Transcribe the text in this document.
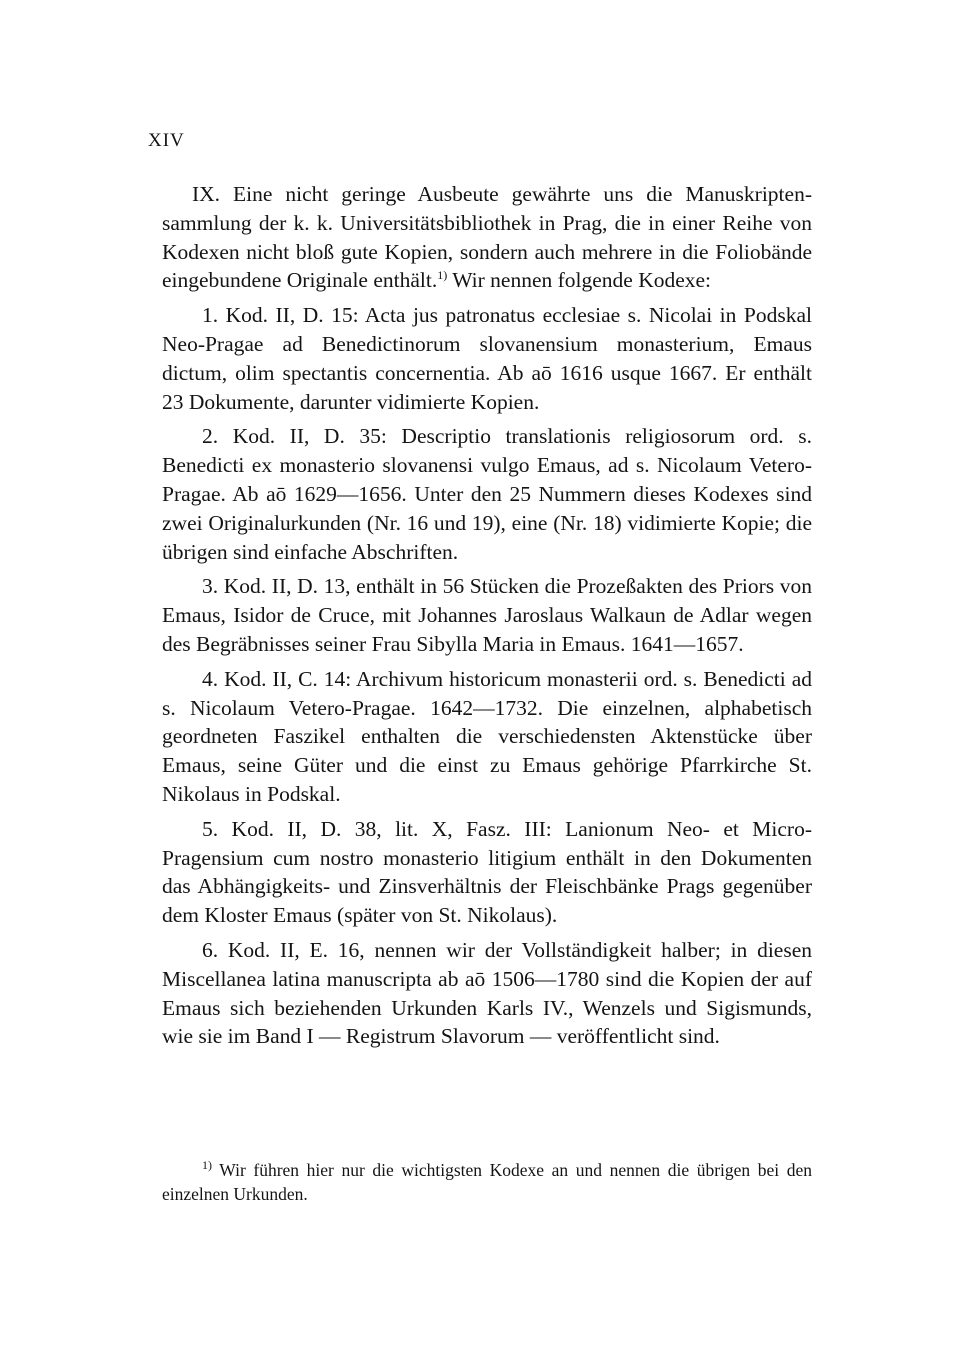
XIV

IX. Eine nicht geringe Ausbeute gewährte uns die Manuskripten-sammlung der k. k. Universitätsbibliothek in Prag, die in einer Reihe von Kodexen nicht bloß gute Kopien, sondern auch mehrere in die Foliobände eingebundene Originale enthält.$^{1)}$ Wir nennen folgende Kodexe:

1. Kod. II, D. 15: Acta jus patronatus ecclesiae s. Nicolai in Podskal Neo-Pragae ad Benedictinorum slovanensium monasterium, Emaus dictum, olim spectantis concernentia. Ab aō 1616 usque 1667. Er enthält 23 Dokumente, darunter vidimierte Kopien.

2. Kod. II, D. 35: Descriptio translationis religiosorum ord. s. Benedicti ex monasterio slovanensi vulgo Emaus, ad s. Nicolaum Vetero-Pragae. Ab aō 1629—1656. Unter den 25 Nummern dieses Kodexes sind zwei Originalurkunden (Nr. 16 und 19), eine (Nr. 18) vidimierte Kopie; die übrigen sind einfache Abschriften.

3. Kod. II, D. 13, enthält in 56 Stücken die Prozeßakten des Priors von Emaus, Isidor de Cruce, mit Johannes Jaroslaus Walkaun de Adlar wegen des Begräbnisses seiner Frau Sibylla Maria in Emaus. 1641—1657.

4. Kod. II, C. 14: Archivum historicum monasterii ord. s. Benedicti ad s. Nicolaum Vetero-Pragae. 1642—1732. Die einzelnen, alphabetisch geordneten Faszikel enthalten die verschiedensten Aktenstücke über Emaus, seine Güter und die einst zu Emaus gehörige Pfarrkirche St. Nikolaus in Podskal.

5. Kod. II, D. 38, lit. X, Fasz. III: Lanionum Neo- et Micro-Pragensium cum nostro monasterio litigium enthält in den Dokumenten das Abhängigkeits- und Zinsverhältnis der Fleischbänke Prags gegenüber dem Kloster Emaus (später von St. Nikolaus).

6. Kod. II, E. 16, nennen wir der Vollständigkeit halber; in diesen Miscellanea latina manuscripta ab aō 1506—1780 sind die Kopien der auf Emaus sich beziehenden Urkunden Karls IV., Wenzels und Sigismunds, wie sie im Band I — Registrum Slavorum — veröffentlicht sind.

$^{1)}$ Wir führen hier nur die wichtigsten Kodexe an und nennen die übrigen bei den einzelnen Urkunden.
